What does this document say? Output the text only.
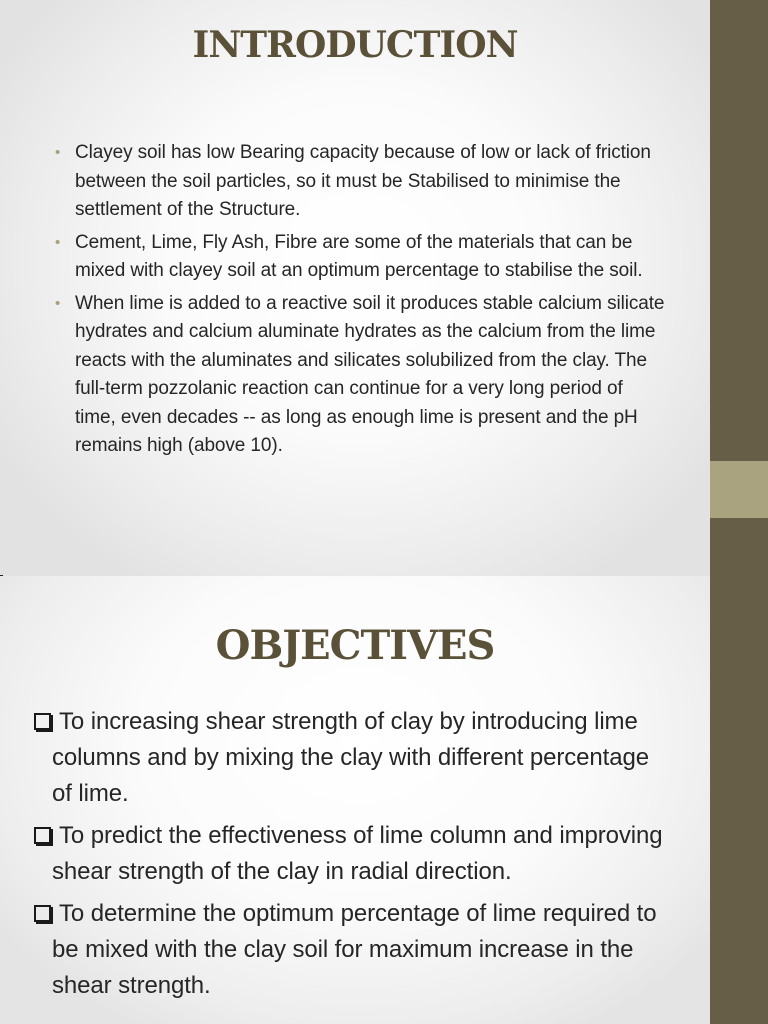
INTRODUCTION
• Clayey soil has low Bearing capacity because of low or lack of friction between the soil particles, so it must be Stabilised to minimise the settlement of the Structure.
• Cement, Lime, Fly Ash, Fibre are some of the materials that can be mixed with clayey soil at an optimum percentage to stabilise the soil.
• When lime is added to a reactive soil it produces stable calcium silicate hydrates and calcium aluminate hydrates as the calcium from the lime reacts with the aluminates and silicates solubilized from the clay. The full-term pozzolanic reaction can continue for a very long period of time, even decades -- as long as enough lime is present and the pH remains high (above 10).
OBJECTIVES
To increasing shear strength of clay by introducing lime columns and by mixing the clay with different percentage of lime.
To predict the effectiveness of lime column and improving shear strength of the clay in radial direction.
To determine the optimum percentage of lime required to be mixed with the clay soil for maximum increase in the shear strength.
